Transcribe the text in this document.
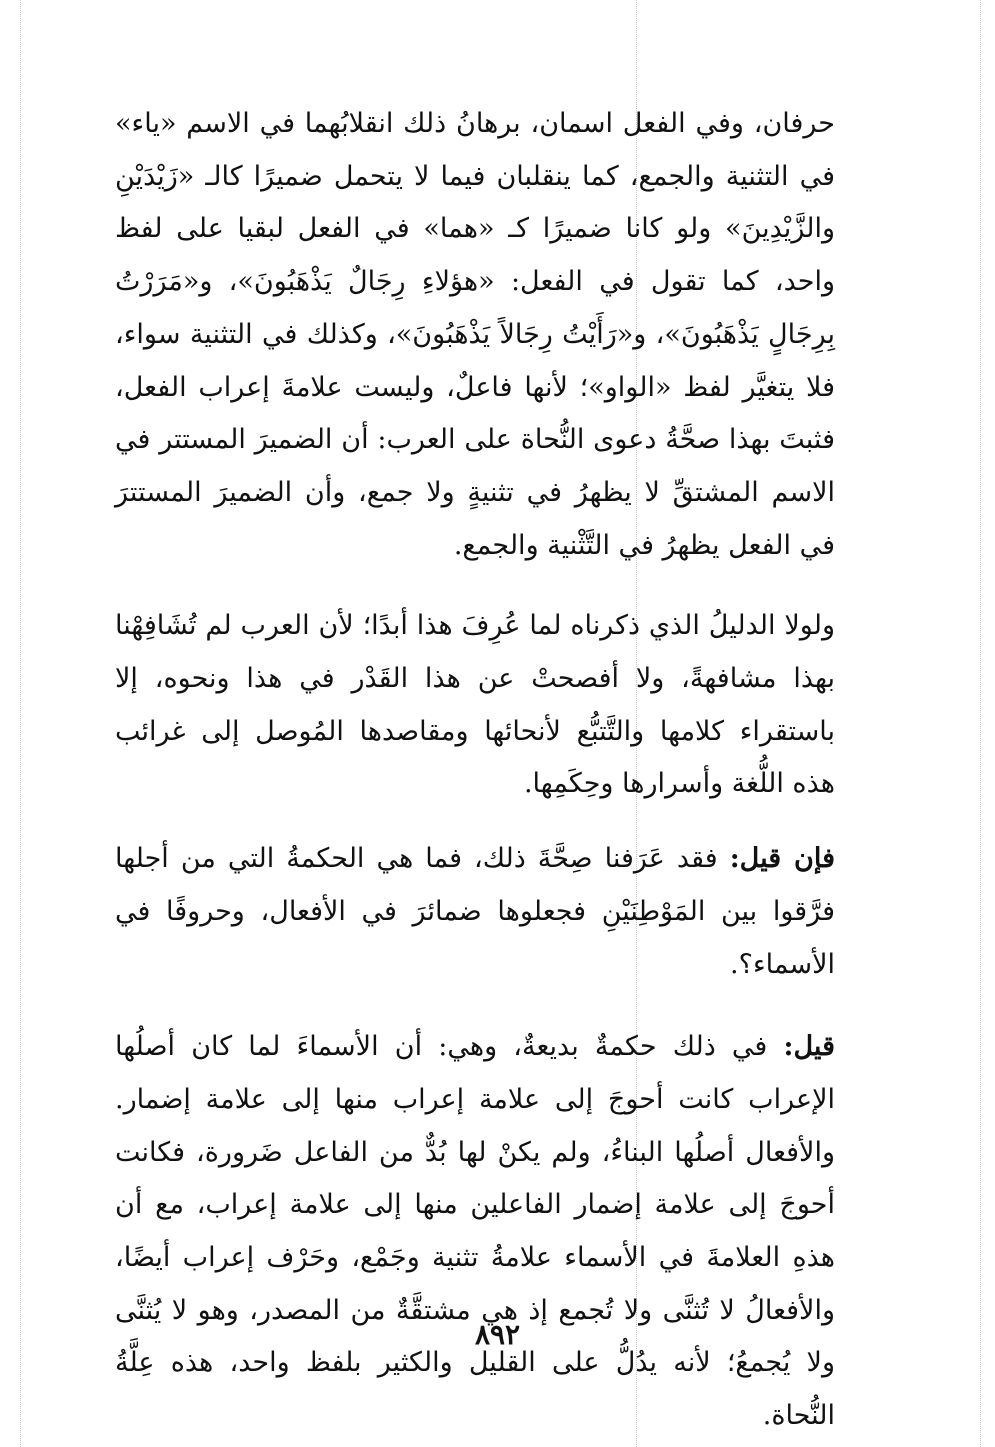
حرفان، وفي الفعل اسمان، برهانُ ذلك انقلابُهما في الاسم «ياء» في التثنية والجمع، كما ينقلبان فيما لا يتحمل ضميرًا كالـ «زَيْدَيْنِ والزَّيْدِينَ» ولو كانا ضميرًا كـ «هما» في الفعل لبقيا على لفظ واحد، كما تقول في الفعل: «هؤلاءِ رِجَالٌ يَذْهَبُونَ»، و«مَرَرْتُ بِرِجَالٍ يَذْهَبُونَ»، و«رَأَيْتُ رِجَالاً يَذْهَبُونَ»، وكذلك في التثنية سواء، فلا يتغيَّر لفظ «الواو»؛ لأنها فاعلٌ، وليست علامةَ إعراب الفعل، فثبتَ بهذا صحَّةُ دعوى النُّحاة على العرب: أن الضميرَ المستتر في الاسم المشتقِّ لا يظهرُ في تثنيةٍ ولا جمع، وأن الضميرَ المستترَ في الفعل يظهرُ في التَّثْنية والجمع.

ولولا الدليلُ الذي ذكرناه لما عُرِفَ هذا أبدًا؛ لأن العرب لم تُشَافِهْنا بهذا مشافهةً، ولا أفصحتْ عن هذا القَدْر في هذا ونحوه، إلا باستقراء كلامها والتَّتبُّع لأنحائها ومقاصدها المُوصل إلى غرائب هذه اللُّغة وأسرارها وحِكَمِها.

فإن قيل: فقد عَرَفنا صِحَّةَ ذلك، فما هي الحكمةُ التي من أجلها فرَّقوا بين المَوْطِنَيْنِ فجعلوها ضمائرَ في الأفعال، وحروفًا في الأسماء؟.

قيل: في ذلك حكمةٌ بديعةٌ، وهي: أن الأسماءَ لما كان أصلُها الإعراب كانت أحوجَ إلى علامة إعراب منها إلى علامة إضمار. والأفعال أصلُها البناءُ، ولم يكنْ لها بُدٌّ من الفاعل ضَرورة، فكانت أحوجَ إلى علامة إضمار الفاعلين منها إلى علامة إعراب، مع أن هذهِ العلامةَ في الأسماء علامةُ تثنية وجَمْع، وحَرْف إعراب أيضًا، والأفعالُ لا تُثنَّى ولا تُجمع إذ هي مشتقَّةٌ من المصدر، وهو لا يُثنَّى ولا يُجمعُ؛ لأنه يدُلُّ على القليل والكثير بلفظ واحد، هذه عِلَّةُ النُّحاة.

٨٩٢
